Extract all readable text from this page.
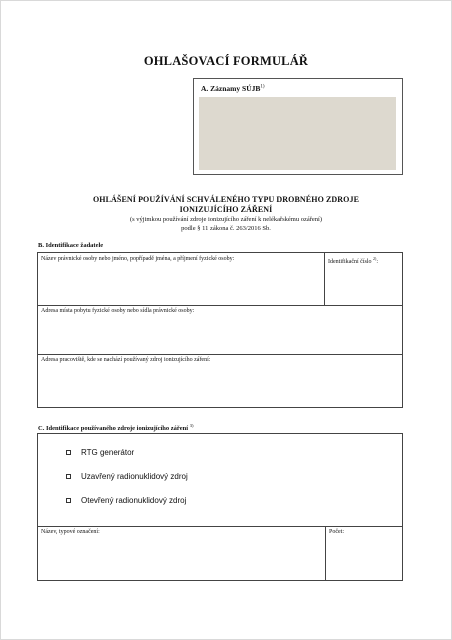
OHLAŠOVACÍ FORMULÁŘ
A. Záznamy SÚJB$^{1)}$
OHLÁŠENÍ POUŽÍVÁNÍ SCHVÁLENÉHO TYPU DROBNÉHO ZDROJE
IONIZUJÍCÍHO ZÁŘENÍ
(s výjimkou používání zdroje ionizujícího záření k nelékařskému ozáření)
podle § 11 zákona č. 263/2016 Sb.
B. Identifikace žadatele
Název právnické osoby nebo jméno, popřípadě jména, a příjmení fyzické osoby:	Identifikační číslo $^{2)}$:
Adresa místa pobytu fyzické osoby nebo sídla právnické osoby:
Adresa pracoviště, kde se nachází používaný zdroj ionizujícího záření:
C. Identifikace používaného zdroje ionizujícího záření $^{3)}$
Název, typové označení:	Počet:
RTG generátor
Uzavřený radionuklidový zdroj
Otevřený radionuklidový zdroj
